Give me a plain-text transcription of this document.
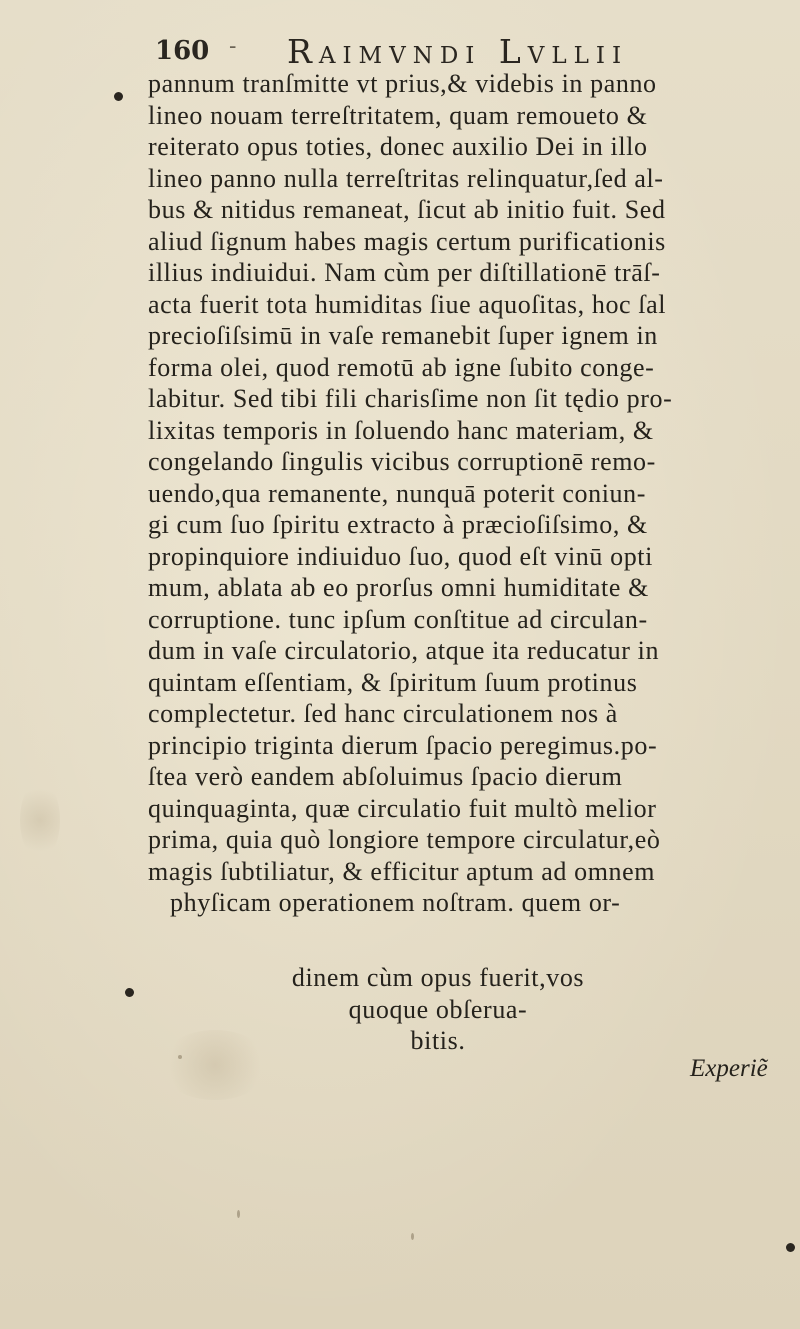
160 - Raimvndi Lvllii
pannum tranſmitte vt prius,& videbis in panno
lineo nouam terreſtritatem, quam remoueto &
reiterato opus toties, donec auxilio Dei in illo
lineo panno nulla terreſtritas relinquatur,ſed al-
bus & nitidus remaneat, ſicut ab initio fuit. Sed
aliud ſignum habes magis certum purificationis
illius indiuidui. Nam cùm per diſtillationē trāſ-
acta fuerit tota humiditas ſiue aquoſitas, hoc ſal
precioſiſsimū in vaſe remanebit ſuper ignem in
forma olei, quod remotū ab igne ſubito conge-
labitur. Sed tibi fili charisſime non ſit tędio pro-
lixitas temporis in ſoluendo hanc materiam, &
congelando ſingulis vicibus corruptionē remo-
uendo,qua remanente, nunquā poterit coniun-
gi cum ſuo ſpiritu extracto à præcioſiſsimo, &
propinquiore indiuiduo ſuo, quod eſt vinū opti
mum, ablata ab eo prorſus omni humiditate &
corruptione. tunc ipſum conſtitue ad circulan-
dum in vaſe circulatorio, atque ita reducatur in
quintam eſſentiam, & ſpiritum ſuum protinus
complectetur. ſed hanc circulationem nos à
principio triginta dierum ſpacio peregimus.po-
ſtea verò eandem abſoluimus ſpacio dierum
quinquaginta, quæ circulatio fuit multò melior
prima, quia quò longiore tempore circulatur,eò
magis ſubtiliatur, & efficitur aptum ad omnem
phyſicam operationem noſtram. quem or-
dinem cùm opus fuerit,vos
quoque obſerua-
bitis.
Experiẽ
